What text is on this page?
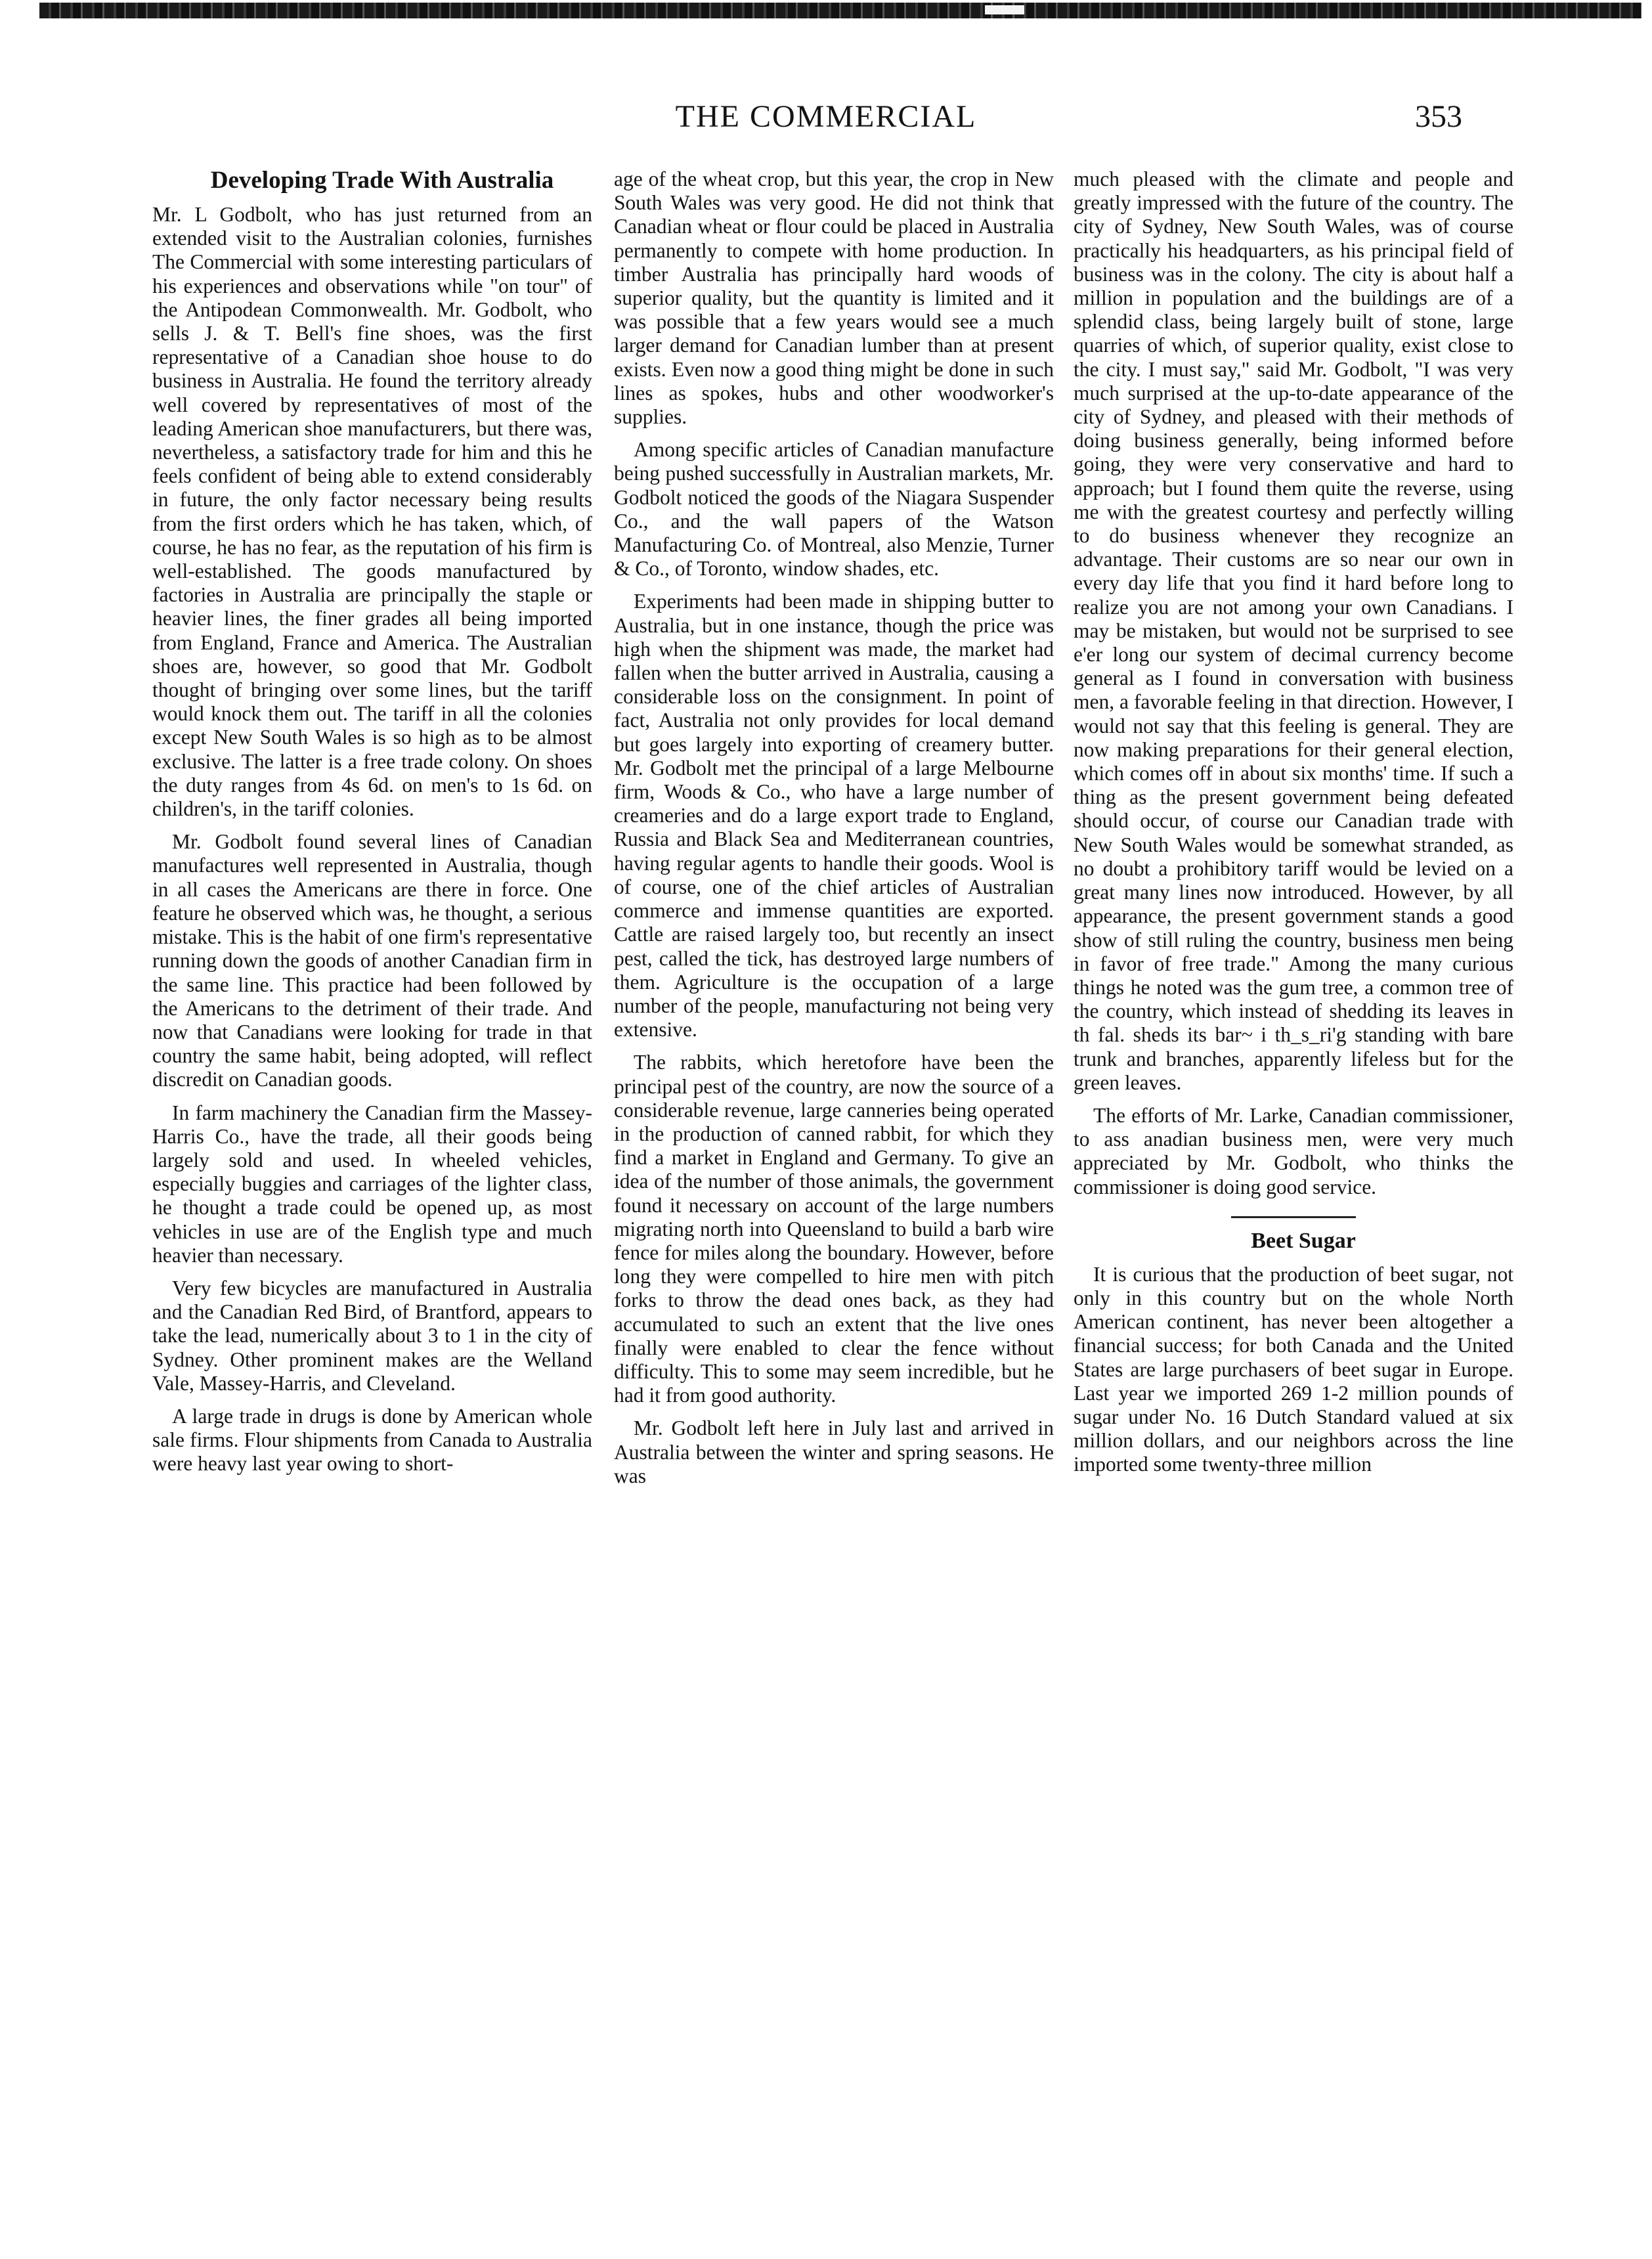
THE COMMERCIAL	353

Developing Trade With Australia

Mr. L Godbolt, who has just returned from an extended visit to the Australian colonies, furnishes The Commercial with some interesting particulars of his experiences and observations while "on tour" of the Antipodean Commonwealth. Mr. Godbolt, who sells J. & T. Bell's fine shoes, was the first representative of a Canadian shoe house to do business in Australia. He found the territory already well covered by representatives of most of the leading American shoe manufacturers, but there was, nevertheless, a satisfactory trade for him and this he feels confident of being able to extend considerably in future, the only factor necessary being results from the first orders which he has taken, which, of course, he has no fear, as the reputation of his firm is well-established. The goods manufactured by factories in Australia are principally the staple or heavier lines, the finer grades all being imported from England, France and America. The Australian shoes are, however, so good that Mr. Godbolt thought of bringing over some lines, but the tariff would knock them out. The tariff in all the colonies except New South Wales is so high as to be almost exclusive. The latter is a free trade colony. On shoes the duty ranges from 4s 6d. on men's to 1s 6d. on children's, in the tariff colonies.

Mr. Godbolt found several lines of Canadian manufactures well represented in Australia, though in all cases the Americans are there in force. One feature he observed which was, he thought, a serious mistake. This is the habit of one firm's representative running down the goods of another Canadian firm in the same line. This practice had been followed by the Americans to the detriment of their trade. And now that Canadians were looking for trade in that country the same habit, being adopted, will reflect discredit on Canadian goods.

In farm machinery the Canadian firm the Massey-Harris Co., have the trade, all their goods being largely sold and used. In wheeled vehicles, especially buggies and carriages of the lighter class, he thought a trade could be opened up, as most vehicles in use are of the English type and much heavier than necessary.

Very few bicycles are manufactured in Australia and the Canadian Red Bird, of Brantford, appears to take the lead, numerically about 3 to 1 in the city of Sydney. Other prominent makes are the Welland Vale, Massey-Harris, and Cleveland.

A large trade in drugs is done by American whole sale firms. Flour shipments from Canada to Australia were heavy last year owing to short-

age of the wheat crop, but this year, the crop in New South Wales was very good. He did not think that Canadian wheat or flour could be placed in Australia permanently to compete with home production. In timber Australia has principally hard woods of superior quality, but the quantity is limited and it was possible that a few years would see a much larger demand for Canadian lumber than at present exists. Even now a good thing might be done in such lines as spokes, hubs and other woodworker's supplies.

Among specific articles of Canadian manufacture being pushed successfully in Australian markets, Mr. Godbolt noticed the goods of the Niagara Suspender Co., and the wall papers of the Watson Manufacturing Co. of Montreal, also Menzie, Turner & Co., of Toronto, window shades, etc.

Experiments had been made in shipping butter to Australia, but in one instance, though the price was high when the shipment was made, the market had fallen when the butter arrived in Australia, causing a considerable loss on the consignment. In point of fact, Australia not only provides for local demand but goes largely into exporting of creamery butter. Mr. Godbolt met the principal of a large Melbourne firm, Woods & Co., who have a large number of creameries and do a large export trade to England, Russia and Black Sea and Mediterranean countries, having regular agents to handle their goods. Wool is of course, one of the chief articles of Australian commerce and immense quantities are exported. Cattle are raised largely too, but recently an insect pest, called the tick, has destroyed large numbers of them. Agriculture is the occupation of a large number of the people, manufacturing not being very extensive.

The rabbits, which heretofore have been the principal pest of the country, are now the source of a considerable revenue, large canneries being operated in the production of canned rabbit, for which they find a market in England and Germany. To give an idea of the number of those animals, the government found it necessary on account of the large numbers migrating north into Queensland to build a barb wire fence for miles along the boundary. However, before long they were compelled to hire men with pitch forks to throw the dead ones back, as they had accumulated to such an extent that the live ones finally were enabled to clear the fence without difficulty. This to some may seem incredible, but he had it from good authority.

Mr. Godbolt left here in July last and arrived in Australia between the winter and spring seasons. He was

much pleased with the climate and people and greatly impressed with the future of the country. The city of Sydney, New South Wales, was of course practically his headquarters, as his principal field of business was in the colony. The city is about half a million in population and the buildings are of a splendid class, being largely built of stone, large quarries of which, of superior quality, exist close to the city. I must say," said Mr. Godbolt, "I was very much surprised at the up-to-date appearance of the city of Sydney, and pleased with their methods of doing business generally, being informed before going, they were very conservative and hard to approach; but I found them quite the reverse, using me with the greatest courtesy and perfectly willing to do business whenever they recognize an advantage. Their customs are so near our own in every day life that you find it hard before long to realize you are not among your own Canadians. I may be mistaken, but would not be surprised to see e'er long our system of decimal currency become general as I found in conversation with business men, a favorable feeling in that direction. However, I would not say that this feeling is general. They are now making preparations for their general election, which comes off in about six months' time. If such a thing as the present government being defeated should occur, of course our Canadian trade with New South Wales would be somewhat stranded, as no doubt a prohibitory tariff would be levied on a great many lines now introduced. However, by all appearance, the present government stands a good show of still ruling the country, business men being in favor of free trade." Among the many curious things he noted was the gum tree, a common tree of the country, which instead of shedding its leaves in th fal. sheds its bar~ i th_s_ri'g standing with bare trunk and branches, apparently lifeless but for the green leaves.

The efforts of Mr. Larke, Canadian commissioner, to ass anadian business men, were very much appreciated by Mr. Godbolt, who thinks the commissioner is doing good service.

Beet Sugar

It is curious that the production of beet sugar, not only in this country but on the whole North American continent, has never been altogether a financial success; for both Canada and the United States are large purchasers of beet sugar in Europe. Last year we imported 269 1-2 million pounds of sugar under No. 16 Dutch Standard valued at six million dollars, and our neighbors across the line imported some twenty-three million
